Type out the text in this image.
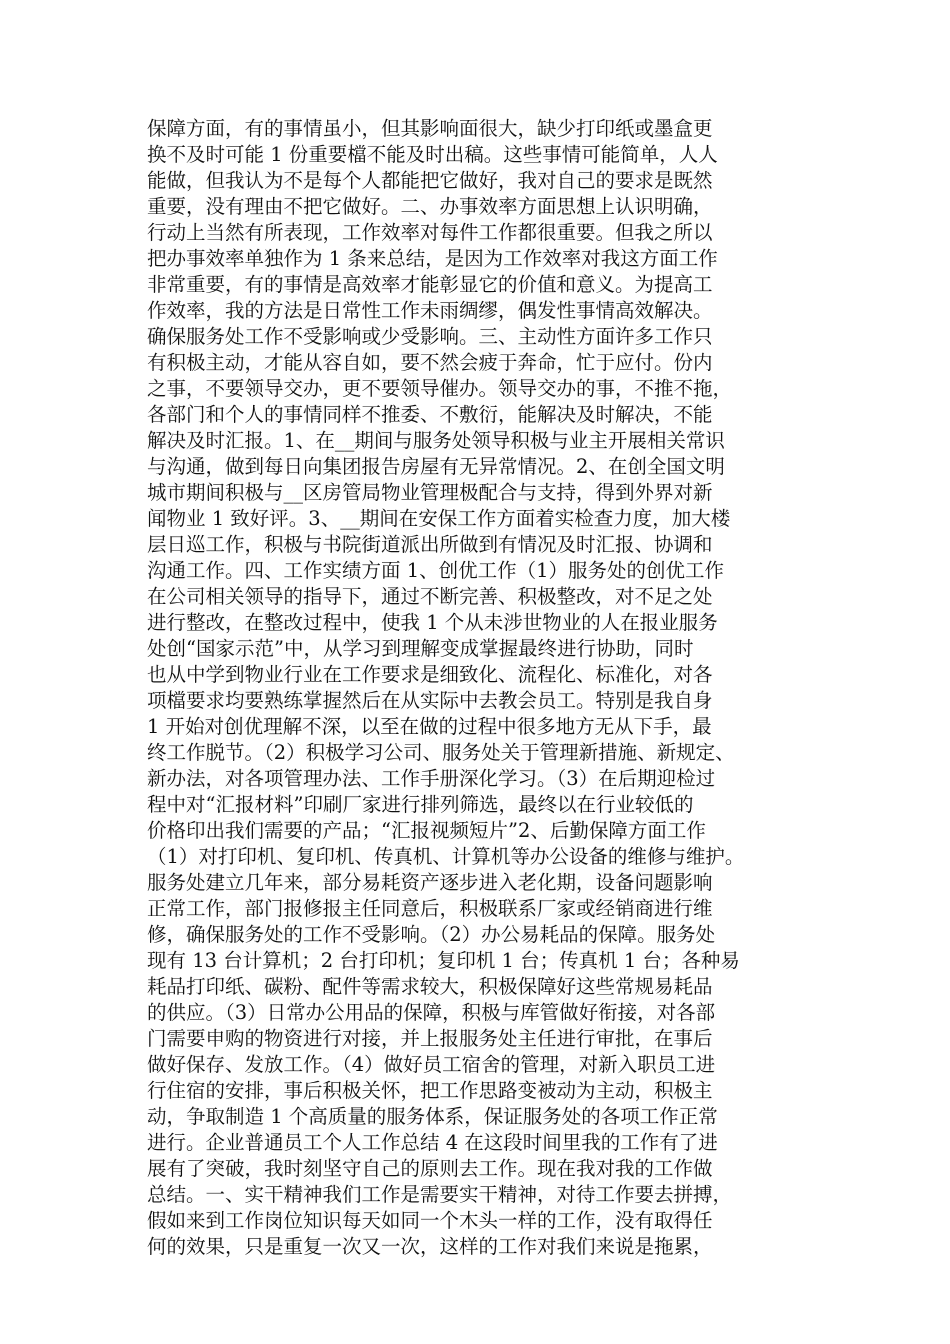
保障方面，有的事情虽小，但其影响面很大，缺少打印纸或墨盒更
换不及时可能 1 份重要檔不能及时出稿。这些事情可能简单，人人
能做，但我认为不是每个人都能把它做好，我对自己的要求是既然
重要，没有理由不把它做好。二、办事效率方面思想上认识明确，
行动上当然有所表现，工作效率对每件工作都很重要。但我之所以
把办事效率单独作为 1 条来总结，是因为工作效率对我这方面工作
非常重要，有的事情是高效率才能彰显它的价值和意义。为提高工
作效率，我的方法是日常性工作未雨绸缪，偶发性事情高效解决。
确保服务处工作不受影响或少受影响。三、主动性方面许多工作只
有积极主动，才能从容自如，要不然会疲于奔命，忙于应付。份内
之事，不要领导交办，更不要领导催办。领导交办的事，不推不拖，
各部门和个人的事情同样不推委、不敷衍，能解决及时解决，不能
解决及时汇报。1、在__期间与服务处领导积极与业主开展相关常识
与沟通，做到每日向集团报告房屋有无异常情况。2、在创全国文明
城市期间积极与__区房管局物业管理极配合与支持，得到外界对新
闻物业 1 致好评。3、__期间在安保工作方面着实检查力度，加大楼
层日巡工作，积极与书院街道派出所做到有情况及时汇报、协调和
沟通工作。四、工作实绩方面 1、创优工作（1）服务处的创优工作
在公司相关领导的指导下，通过不断完善、积极整改，对不足之处
进行整改，在整改过程中，使我 1 个从未涉世物业的人在报业服务
处创“国家示范”中，从学习到理解变成掌握最终进行协助，同时
也从中学到物业行业在工作要求是细致化、流程化、标准化，对各
项檔要求均要熟练掌握然后在从实际中去教会员工。特别是我自身
1 开始对创优理解不深，以至在做的过程中很多地方无从下手，最
终工作脱节。（2）积极学习公司、服务处关于管理新措施、新规定、
新办法，对各项管理办法、工作手册深化学习。（3）在后期迎检过
程中对“汇报材料”印刷厂家进行排列筛选，最终以在行业较低的
价格印出我们需要的产品；“汇报视频短片”2、后勤保障方面工作
（1）对打印机、复印机、传真机、计算机等办公设备的维修与维护。
服务处建立几年来，部分易耗资产逐步进入老化期，设备问题影响
正常工作，部门报修报主任同意后，积极联系厂家或经销商进行维
修，确保服务处的工作不受影响。（2）办公易耗品的保障。服务处
现有 13 台计算机；2 台打印机；复印机 1 台；传真机 1 台；各种易
耗品打印纸、碳粉、配件等需求较大，积极保障好这些常规易耗品
的供应。（3）日常办公用品的保障，积极与库管做好衔接，对各部
门需要申购的物资进行对接，并上报服务处主任进行审批，在事后
做好保存、发放工作。（4）做好员工宿舍的管理，对新入职员工进
行住宿的安排，事后积极关怀，把工作思路变被动为主动，积极主
动，争取制造 1 个高质量的服务体系，保证服务处的各项工作正常
进行。企业普通员工个人工作总结 4 在这段时间里我的工作有了进
展有了突破，我时刻坚守自己的原则去工作。现在我对我的工作做
总结。一、实干精神我们工作是需要实干精神，对待工作要去拼搏，
假如来到工作岗位知识每天如同一个木头一样的工作，没有取得任
何的效果，只是重复一次又一次，这样的工作对我们来说是拖累，
